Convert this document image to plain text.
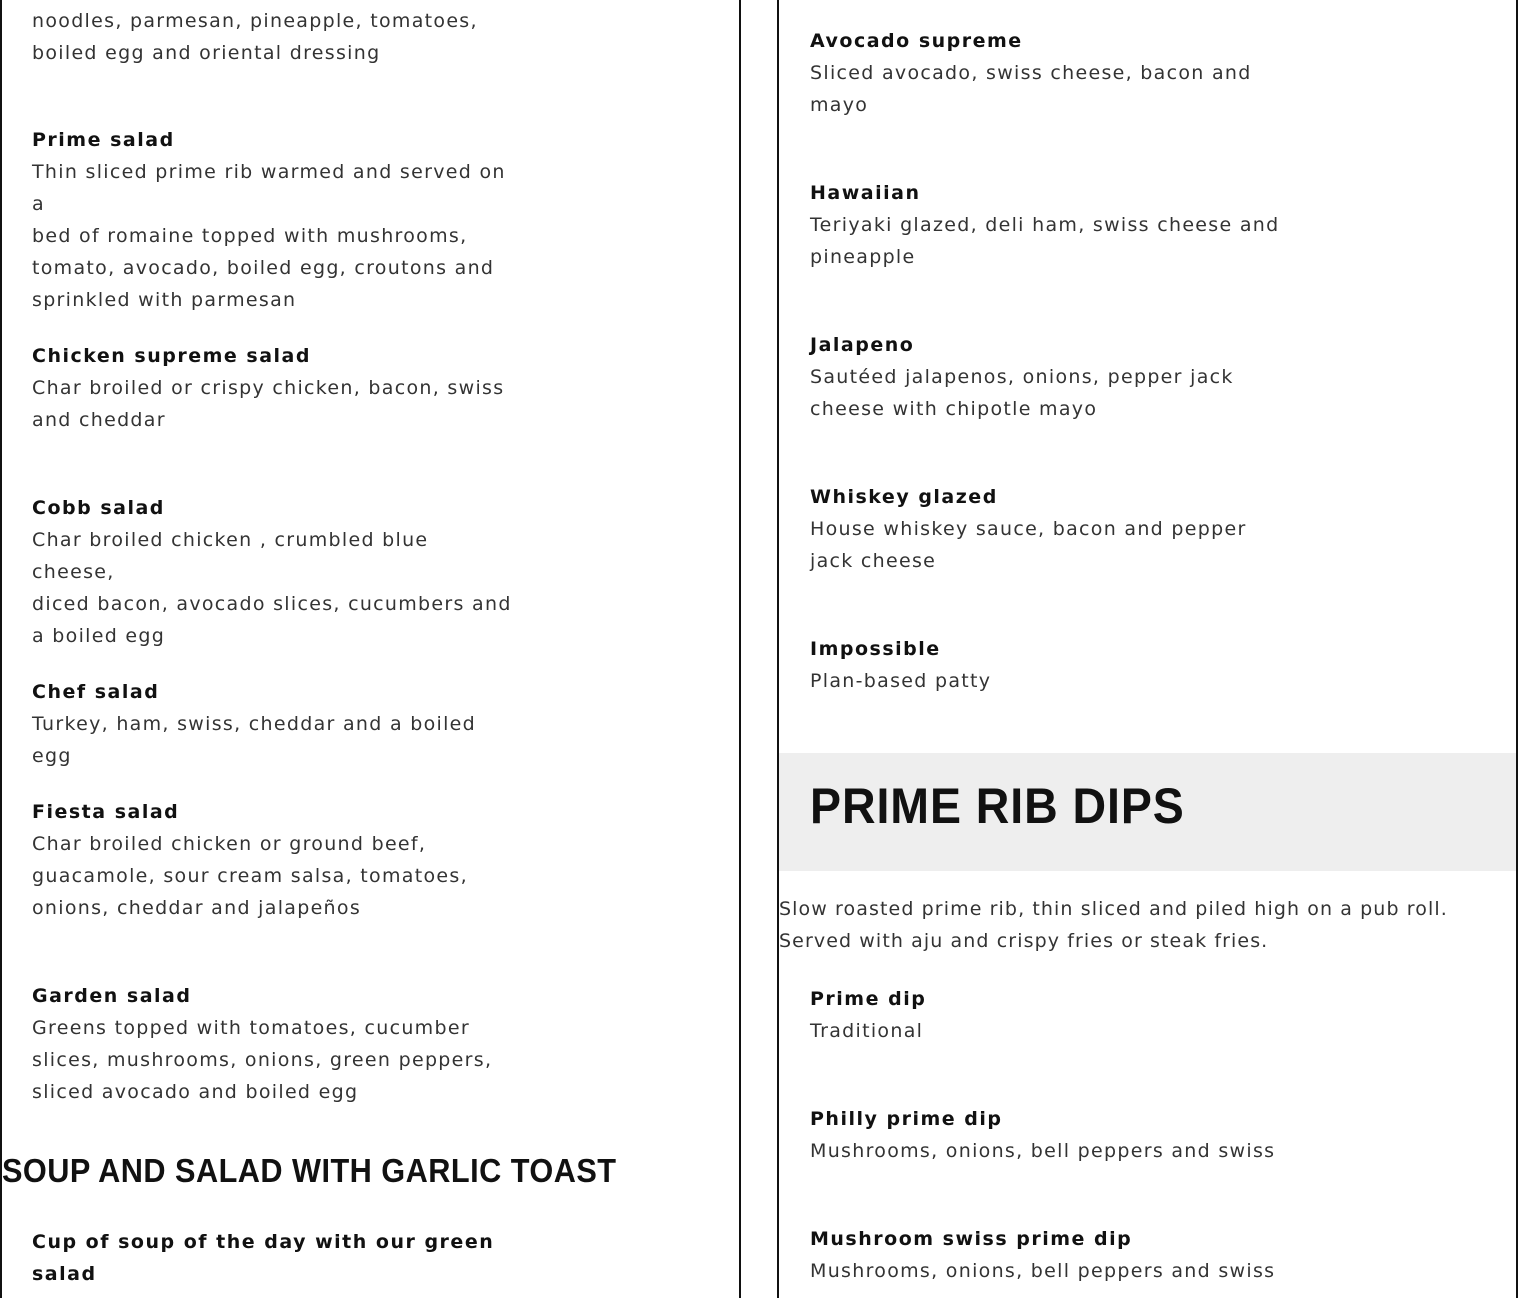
noodles, parmesan, pineapple, tomatoes,
boiled egg and oriental dressing

Prime salad

Thin sliced prime rib warmed and served on a
bed of romaine topped with mushrooms,
tomato, avocado, boiled egg, croutons and
sprinkled with parmesan

Chicken supreme salad

Char broiled or crispy chicken, bacon, swiss
and cheddar

Cobb salad

Char broiled chicken , crumbled blue cheese,
diced bacon, avocado slices, cucumbers and
a boiled egg

Chef salad

Turkey, ham, swiss, cheddar and a boiled egg

Fiesta salad

Char broiled chicken or ground beef,
guacamole, sour cream salsa, tomatoes,
onions, cheddar and jalapeños

Garden salad

Greens topped with tomatoes, cucumber
slices, mushrooms, onions, green peppers,
sliced avocado and boiled egg

SOUP AND SALAD WITH GARLIC TOAST

Cup of soup of the day with our green
salad

Avocado supreme

Sliced avocado, swiss cheese, bacon and
mayo

Hawaiian

Teriyaki glazed, deli ham, swiss cheese and
pineapple

Jalapeno

Sautéed jalapenos, onions, pepper jack
cheese with chipotle mayo

Whiskey glazed

House whiskey sauce, bacon and pepper
jack cheese

Impossible

Plan-based patty

PRIME RIB DIPS

Slow roasted prime rib, thin sliced and piled high on a pub roll. Served with aju and crispy fries or steak fries.

Prime dip

Traditional

Philly prime dip

Mushrooms, onions, bell peppers and swiss

Mushroom swiss prime dip

Mushrooms, onions, bell peppers and swiss
